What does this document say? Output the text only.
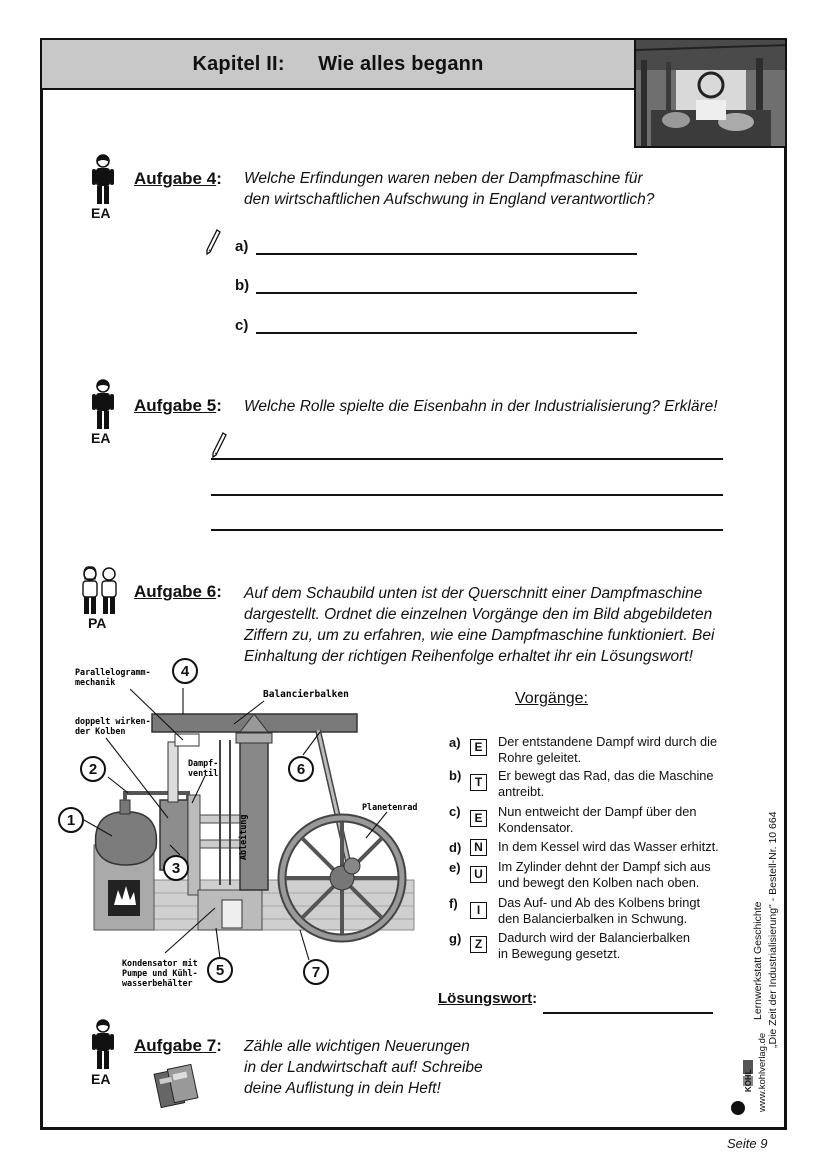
Kapitel II: Wie alles begann
EA
Aufgabe 4: Welche Erfindungen waren neben der Dampfmaschine für
den wirtschaftlichen Aufschwung in England verantwortlich?
a)
b)
c)
EA
Aufgabe 5: Welche Rolle spielte die Eisenbahn in der Industrialisierung? Erkläre!
PA
Aufgabe 6: Auf dem Schaubild unten ist der Querschnitt einer Dampfmaschine
dargestellt. Ordnet die einzelnen Vorgänge den im Bild abgebildeten
Ziffern zu, um zu erfahren, wie eine Dampfmaschine funktioniert. Bei
Einhaltung der richtigen Reihenfolge erhaltet ihr ein Lösungswort!
Parallelogramm-
mechanik
doppelt wirken-
der Kolben
Balancierbalken
Dampf-
ventil
Ableitung
Planetenrad
Kondensator mit
Pumpe und Kühl-
wasserbehälter
1
2
3
4
5
6
7
Vorgänge:
a)	E	Der entstandene Dampf wird durch die
Rohre geleitet.
b)	T	Er bewegt das Rad, das die Maschine
antreibt.
c)	E	Nun entweicht der Dampf über den
Kondensator.
d)	N	In dem Kessel wird das Wasser erhitzt.
e)	U	Im Zylinder dehnt der Dampf sich aus
und bewegt den Kolben nach oben.
f)	I	Das Auf- und Ab des Kolbens bringt
den Balancierbalken in Schwung.
g)	Z	Dadurch wird der Balancierbalken
in Bewegung gesetzt.
Lösungswort:
EA
Aufgabe 7: Zähle alle wichtigen Neuerungen
in der Landwirtschaft auf! Schreibe
deine Auflistung in dein Heft!
Lernwerkstatt Geschichte „Die Zeit der Industrialisierung" - Bestell-Nr. 10 664
www.kohlverlag.de
KOHL
Seite 9
